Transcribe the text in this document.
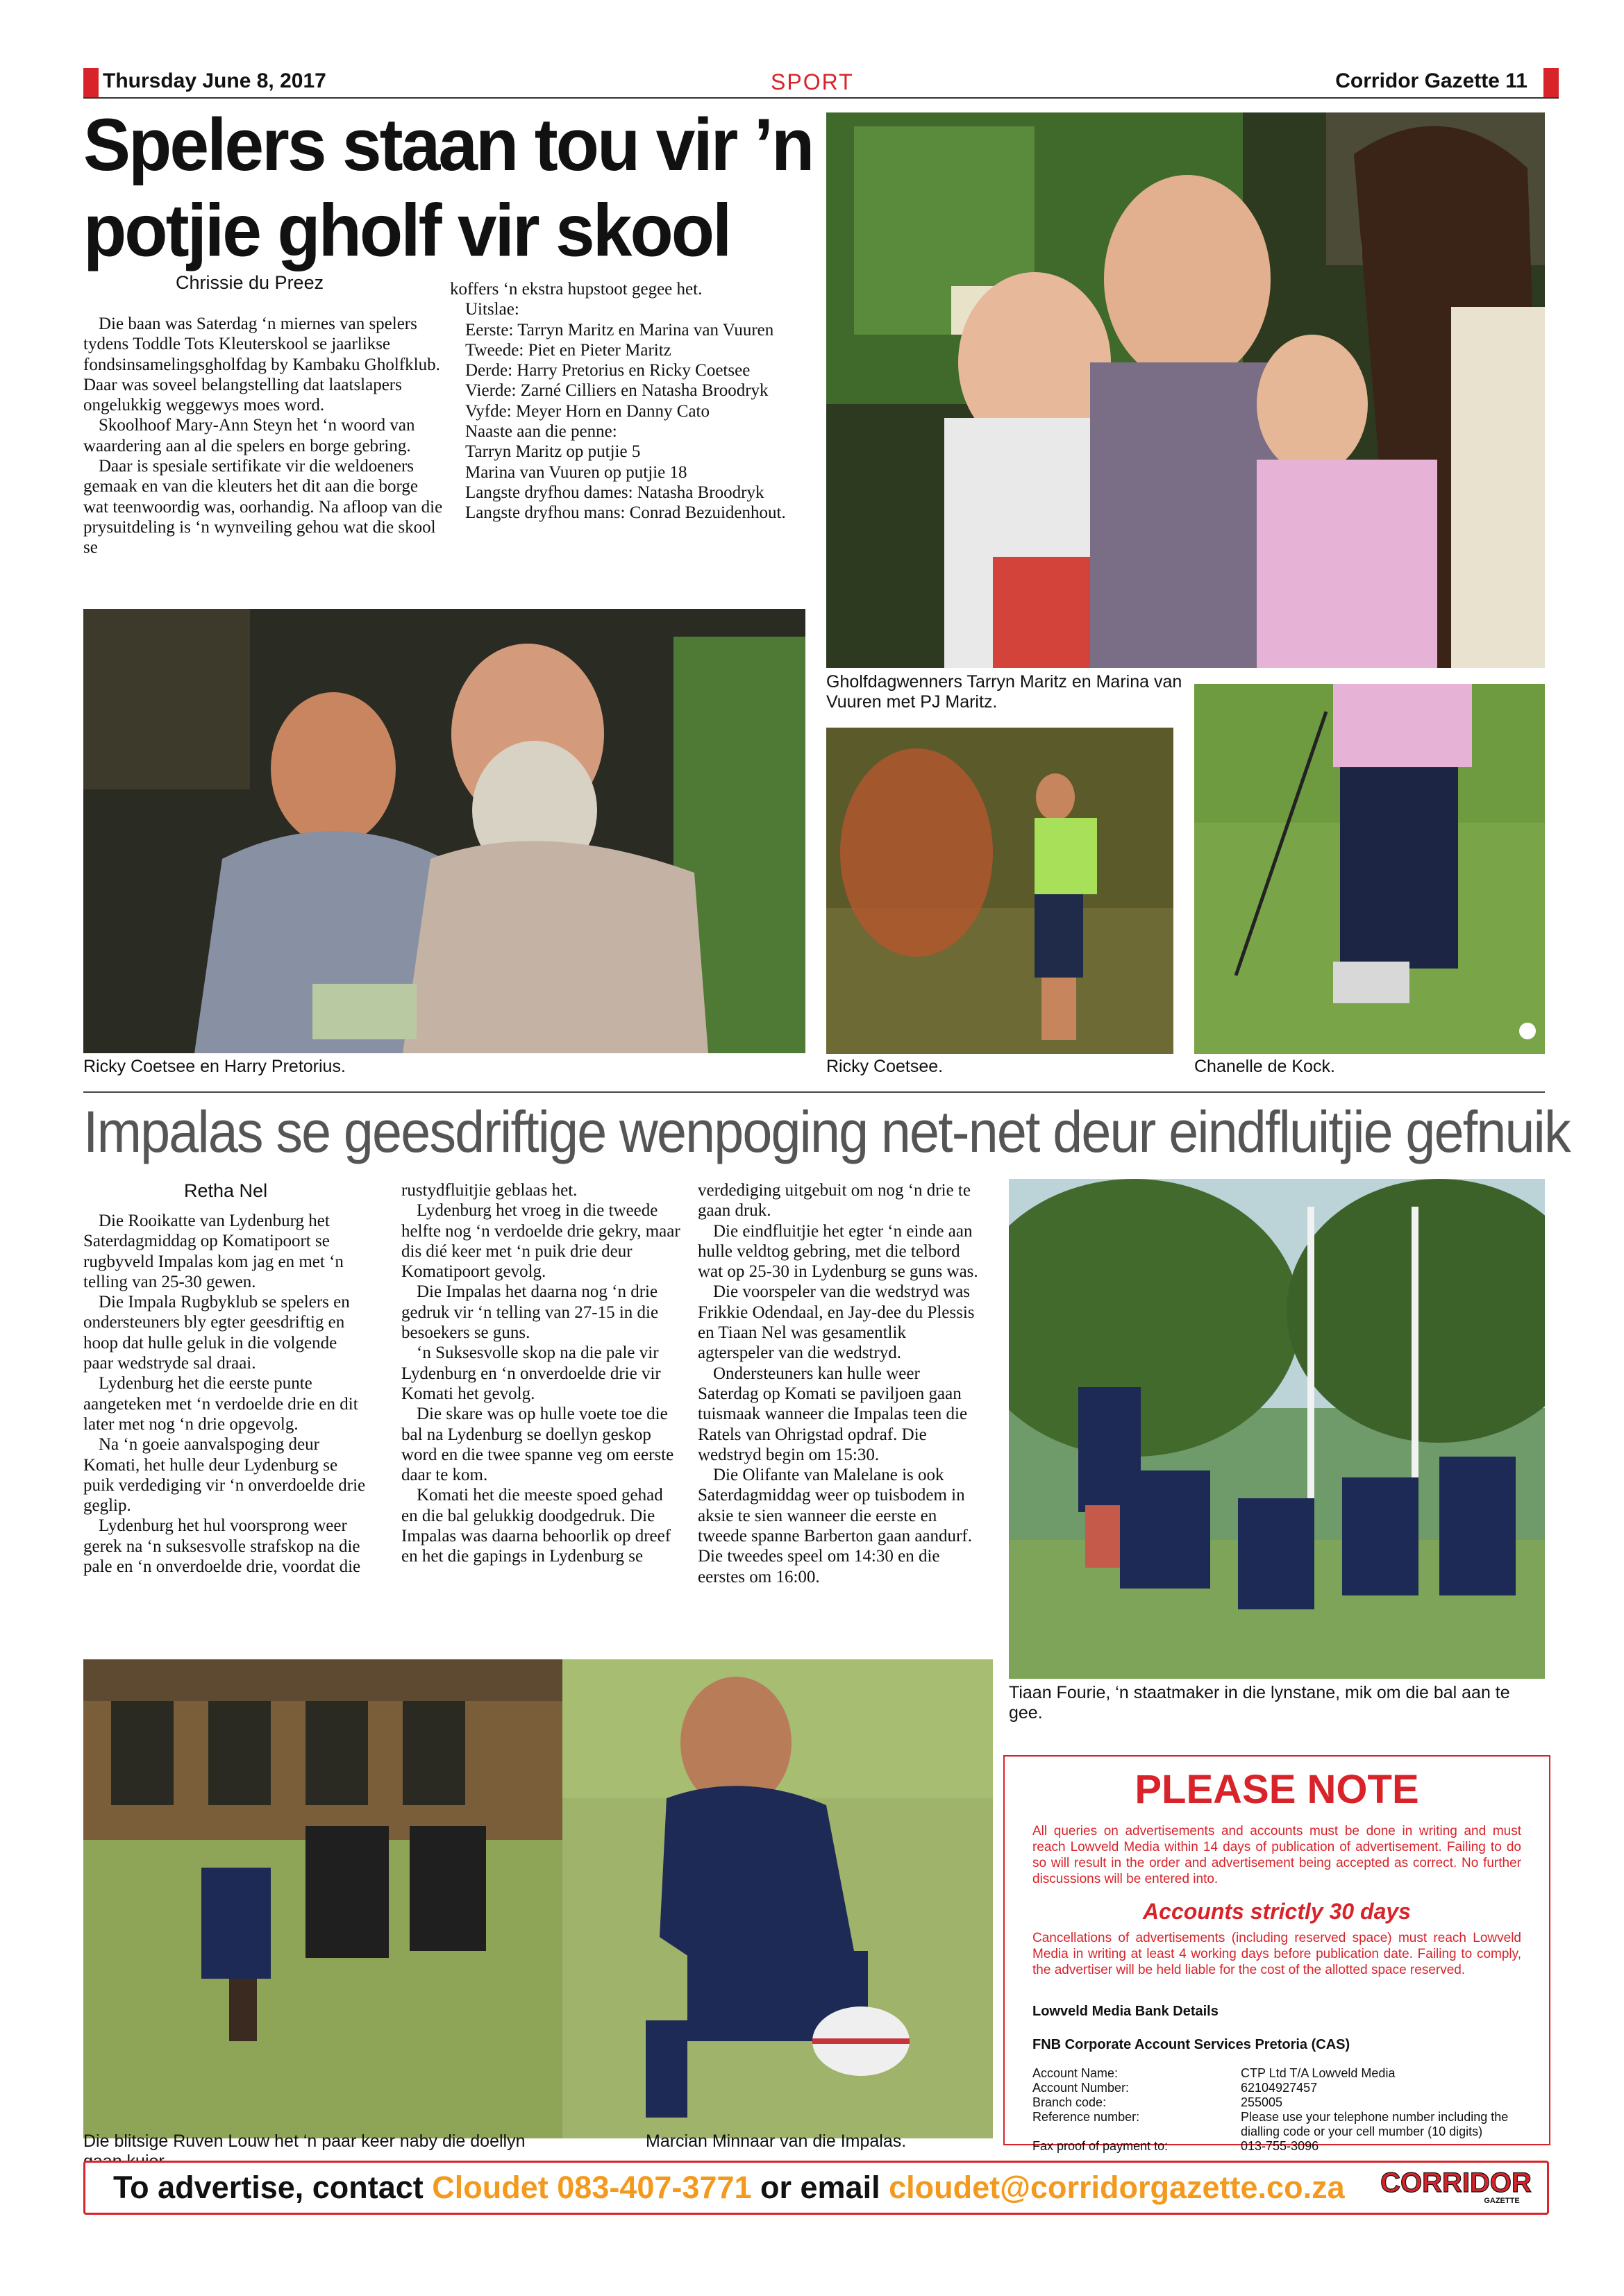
Thursday June 8, 2017	SPORT	Corridor Gazette 11
Spelers staan tou vir ’n
potjie gholf vir skool
Chrissie du Preez

Die baan was Saterdag ‘n miernes van spelers tydens Toddle Tots Kleuterskool se jaarlikse fondsinsamelingsgholfdag by Kambaku Gholfklub. Daar was soveel belangstelling dat laatslapers ongelukkig weggewys moes word.

Skoolhoof Mary-Ann Steyn het ‘n woord van waardering aan al die spelers en borge gebring.

Daar is spesiale sertifikate vir die weldoeners gemaak en van die kleuters het dit aan die borge wat teenwoordig was, oorhandig. Na afloop van die prysuitdeling is ‘n wynveiling gehou wat die skool se

koffers ‘n ekstra hupstoot gegee het.

Uitslae:

Eerste: Tarryn Maritz en Marina van Vuuren

Tweede: Piet en Pieter Maritz

Derde: Harry Pretorius en Ricky Coetsee

Vierde: Zarné Cilliers en Natasha Broodryk

Vyfde: Meyer Horn en Danny Cato

Naaste aan die penne:

Tarryn Maritz op putjie 5

Marina van Vuuren op putjie 18

Langste dryfhou dames: Natasha Broodryk

Langste dryfhou mans: Conrad Bezuidenhout.

Gholfdagwenners Tarryn Maritz en Marina van Vuuren met PJ Maritz.
Ricky Coetsee en Harry Pretorius.	Ricky Coetsee.	Chanelle de Kock.
Impalas se geesdriftige wenpoging net-net deur eindfluitjie gefnuik
Retha Nel

Die Rooikatte van Lydenburg het Saterdagmiddag op Komatipoort se rugbyveld Impalas kom jag en met ‘n telling van 25-30 gewen.

Die Impala Rugbyklub se spelers en ondersteuners bly egter geesdriftig en hoop dat hulle geluk in die volgende paar wedstryde sal draai.

Lydenburg het die eerste punte aangeteken met ‘n verdoelde drie en dit later met nog ‘n drie opgevolg.

Na ‘n goeie aanvalspoging deur Komati, het hulle deur Lydenburg se puik verdediging vir ‘n onverdoelde drie geglip.

Lydenburg het hul voorsprong weer gerek na ‘n suksesvolle strafskop na die pale en ‘n onverdoelde drie, voordat die

rustydfluitjie geblaas het.

Lydenburg het vroeg in die tweede helfte nog ‘n verdoelde drie gekry, maar dis dié keer met ‘n puik drie deur Komatipoort gevolg.

Die Impalas het daarna nog ‘n drie gedruk vir ‘n telling van 27-15 in die besoekers se guns.

‘n Suksesvolle skop na die pale vir Lydenburg en ‘n onverdoelde drie vir Komati het gevolg.

Die skare was op hulle voete toe die bal na Lydenburg se doellyn geskop word en die twee spanne veg om eerste daar te kom.

Komati het die meeste spoed gehad en die bal gelukkig doodgedruk. Die Impalas was daarna behoorlik op dreef en het die gapings in Lydenburg se

verdediging uitgebuit om nog ‘n drie te gaan druk.

Die eindfluitjie het egter ‘n einde aan hulle veldtog gebring, met die telbord wat op 25-30 in Lydenburg se guns was.

Die voorspeler van die wedstryd was Frikkie Odendaal, en Jay-dee du Plessis en Tiaan Nel was gesamentlik agterspeler van die wedstryd.

Ondersteuners kan hulle weer Saterdag op Komati se paviljoen gaan tuismaak wanneer die Impalas teen die Ratels van Ohrigstad opdraf. Die wedstryd begin om 15:30.

Die Olifante van Malelane is ook Saterdagmiddag weer op tuisbodem in aksie te sien wanneer die eerste en tweede spanne Barberton gaan aandurf. Die tweedes speel om 14:30 en die eerstes om 16:00.

Tiaan Fourie, ‘n staatmaker in die lynstane, mik om die bal aan te gee.
Die blitsige Ruven Louw het ‘n paar keer naby die doellyn	Marcian Minnaar van die Impalas.
PLEASE NOTE
All queries on advertisements and accounts must be done in writing and must reach Lowveld Media within 14 days of publication of advertisement. Failing to do so will result in the order and advertisement being accepted as correct. No further discussions will be entered into.
Accounts strictly 30 days
Cancellations of advertisements (including reserved space) must reach Lowveld Media in writing at least 4 working days before publication date. Failing to comply, the advertiser will be held liable for the cost of the allotted space reserved.
Lowveld Media Bank Details
FNB Corporate Account Services Pretoria (CAS)
Account Name:	CTP Ltd T/A Lowveld Media
Account Number:	62104927457
Branch code:	255005
Reference number:	Please use your telephone number including the dialling code or your cell mumber (10 digits)
Fax proof of payment to:	013-755-3096
To advertise, contact Cloudet 083-407-3771 or email cloudet@corridorgazette.co.za CORRIDOR
GAZETTE
